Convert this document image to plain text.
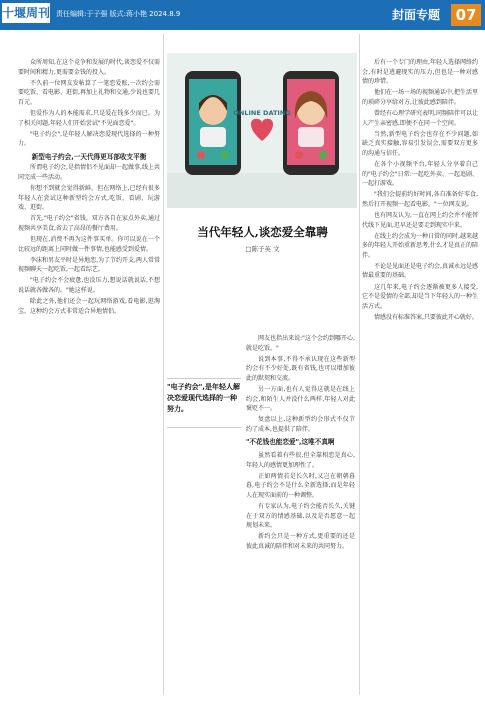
十堰周刊 责任编辑:于子强 版式:蒋小艳 2024.8.9	封面专题	07

众所周知,在这个竞争和发展的时代,谈恋爱不仅需要时间和精力,更需要金钱的投入。

不久前一位网友发帖算了一笔恋爱账,一次约会需要吃饭、看电影、逛街,再加上礼物和交通,少说也要几百元。

但爱作为人的本能需求,只是爱在钱多少而已。为了相关问题,年轻人们开始尝试"不见面恋爱"。

"电子约会",是年轻人解决恋爱现代选择的一种努力。

新型电子约会,一天代得更耳部收支平衡

所谓电子约会,是指情侣不见面却一起做事,线上共同完成一些活动。

你想不到就会觉得新鲜。但在网络上,已经有很多年轻人在尝试这种新型约会方式,吃饭、看剧、玩游戏、逛街。

首先,"电子约会"省钱。双方各自在家点外卖,通过视频共享美食,省去了高昂的餐厅费用。

但现在,消费不再为这件事买单。你可以说在一个比较远的距离上同时做一件事情,也能感受到爱情。

李沫和男友平时是异地恋,为了节约开支,两人常常视频聊天一起吃饭,一起看综艺。

"电子约会不会疲惫,也没压力,想说话就说话,不想说话就各做各的。"她这样说。

除此之外,他们还会一起玩网络游戏,看电影,逛淘宝。这种约会方式非常适合异地情侣。

ONLINE DATING
当代年轻人,谈恋爱全靠聘
□陈子英 文
"电子约会",是年轻人解决恋爱现代选择的一种努力。

网友也指出来说:"这个会约到哪开心,就是吃饭。"

说到本事,不得不承认现在这些新型约会有不少好处,既有省钱,也可以增加彼此的默契和交流。

另一方面,也有人觉得这就是在线上约会,和陌生人并没什么两样,年轻人对此褒贬不一。

复盘以上,这种新型约会形式不仅节约了成本,也提供了陪伴。

"不花钱也能恋爱",这唯不真啊

虽然看着有些很,但全靠相恋是真心,年轻人的感情更加理性了。

正如两情若是长久时,又岂在朝朝暮暮,电子约会不是什么全新选择,而是年轻人在现实面前的一种调整。

有专家认为,电子约会能否长久,关键在于双方的情感基础,以及是否愿意一起规划未来。

新约会只是一种方式,更重要的还是彼此真诚的陪伴和对未来的共同努力。

后有一个专门的理由,年轻人选择网络约会,有时是逃避现实的压力,但也是一种对感情的珍惜。

他们在一场一场的视频通话中,把生活里的琐碎分享给对方,让彼此感到陪伴。

曾经有心理学研究表明,同频陪伴可以让人产生亲密感,即便不在同一个空间。

当然,新型电子约会也存在不少问题,如缺乏真实接触,容易引发误会,需要双方更多的沟通与信任。

在各个小视频平台,年轻人分享着自己的"电子约会"日常:一起吃外卖、一起追剧、一起打游戏。

"我们会提前约好时间,各自准备好零食,然后打开视频一起看电影。"一位网友说。

也有网友认为,一直在网上约会并不能替代线下见面,迟早还是要走到现实中来。

在线上约会成为一种日常的同时,越来越多的年轻人开始重新思考,什么才是真正的陪伴。

不论是见面还是电子约会,真诚永远是感情最重要的基础。

这几年来,电子约会逐渐被更多人接受,它不是爱情的全部,却是当下年轻人的一种生活方式。

情感没有标准答案,只要彼此开心就好。
